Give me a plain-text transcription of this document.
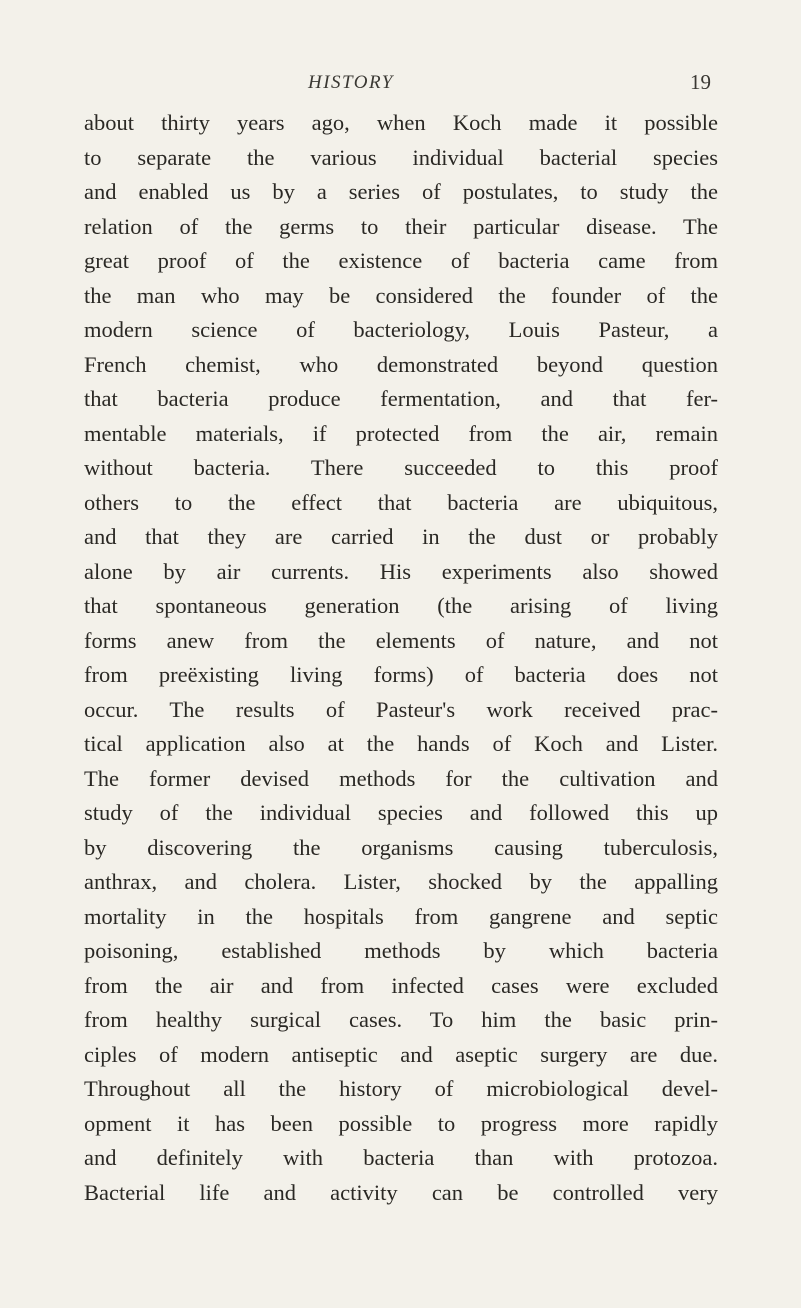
HISTORY	19
about thirty years ago, when Koch made it possible
to separate the various individual bacterial species
and enabled us by a series of postulates, to study the
relation of the germs to their particular disease. The
great proof of the existence of bacteria came from
the man who may be considered the founder of the
modern science of bacteriology, Louis Pasteur, a
French chemist, who demonstrated beyond question
that bacteria produce fermentation, and that fer-
mentable materials, if protected from the air, remain
without bacteria. There succeeded to this proof
others to the effect that bacteria are ubiquitous,
and that they are carried in the dust or probably
alone by air currents. His experiments also showed
that spontaneous generation (the arising of living
forms anew from the elements of nature, and not
from preëxisting living forms) of bacteria does not
occur. The results of Pasteur's work received prac-
tical application also at the hands of Koch and Lister.
The former devised methods for the cultivation and
study of the individual species and followed this up
by discovering the organisms causing tuberculosis,
anthrax, and cholera. Lister, shocked by the appalling
mortality in the hospitals from gangrene and septic
poisoning, established methods by which bacteria
from the air and from infected cases were excluded
from healthy surgical cases. To him the basic prin-
ciples of modern antiseptic and aseptic surgery are due.
Throughout all the history of microbiological devel-
opment it has been possible to progress more rapidly
and definitely with bacteria than with protozoa.
Bacterial life and activity can be controlled very
